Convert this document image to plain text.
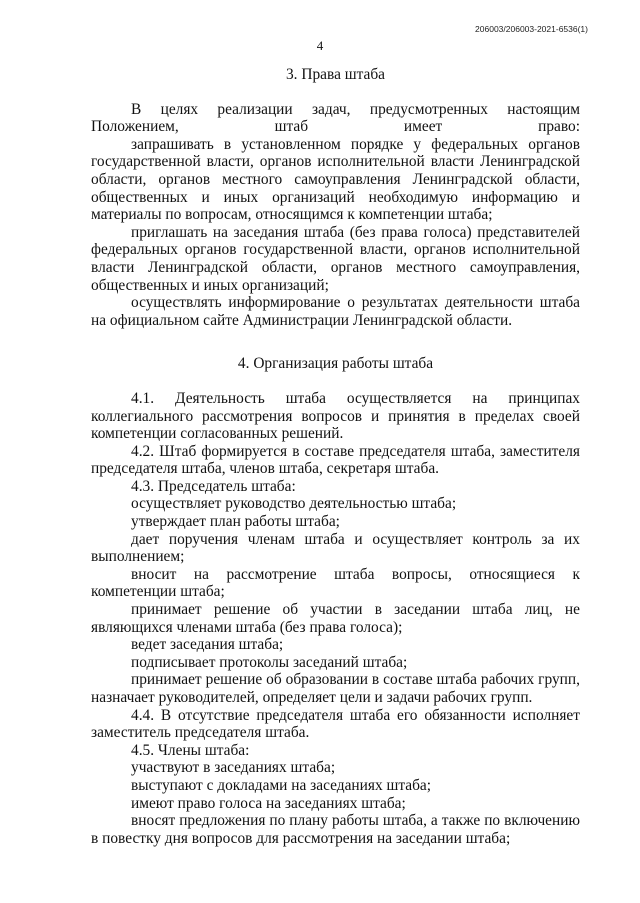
206003/206003-2021-6536(1)
4
3. Права штаба

В целях реализации задач, предусмотренных настоящим Положением, штаб имеет право:

запрашивать в установленном порядке у федеральных органов государственной власти, органов исполнительной власти Ленинградской области, органов местного самоуправления Ленинградской области, общественных и иных организаций необходимую информацию и материалы по вопросам, относящимся к компетенции штаба;

приглашать на заседания штаба (без права голоса) представителей федеральных органов государственной власти, органов исполнительной власти Ленинградской области, органов местного самоуправления, общественных и иных организаций;

осуществлять информирование о результатах деятельности штаба на официальном сайте Администрации Ленинградской области.

4. Организация работы штаба

4.1. Деятельность штаба осуществляется на принципах коллегиального рассмотрения вопросов и принятия в пределах своей компетенции согласованных решений.

4.2. Штаб формируется в составе председателя штаба, заместителя председателя штаба, членов штаба, секретаря штаба.

4.3. Председатель штаба:

осуществляет руководство деятельностью штаба;

утверждает план работы штаба;

дает поручения членам штаба и осуществляет контроль за их выполнением;

вносит на рассмотрение штаба вопросы, относящиеся к компетенции штаба;

принимает решение об участии в заседании штаба лиц, не являющихся членами штаба (без права голоса);

ведет заседания штаба;

подписывает протоколы заседаний штаба;

принимает решение об образовании в составе штаба рабочих групп, назначает руководителей, определяет цели и задачи рабочих групп.

4.4. В отсутствие председателя штаба его обязанности исполняет заместитель председателя штаба.

4.5. Члены штаба:

участвуют в заседаниях штаба;

выступают с докладами на заседаниях штаба;

имеют право голоса на заседаниях штаба;

вносят предложения по плану работы штаба, а также по включению в повестку дня вопросов для рассмотрения на заседании штаба;
